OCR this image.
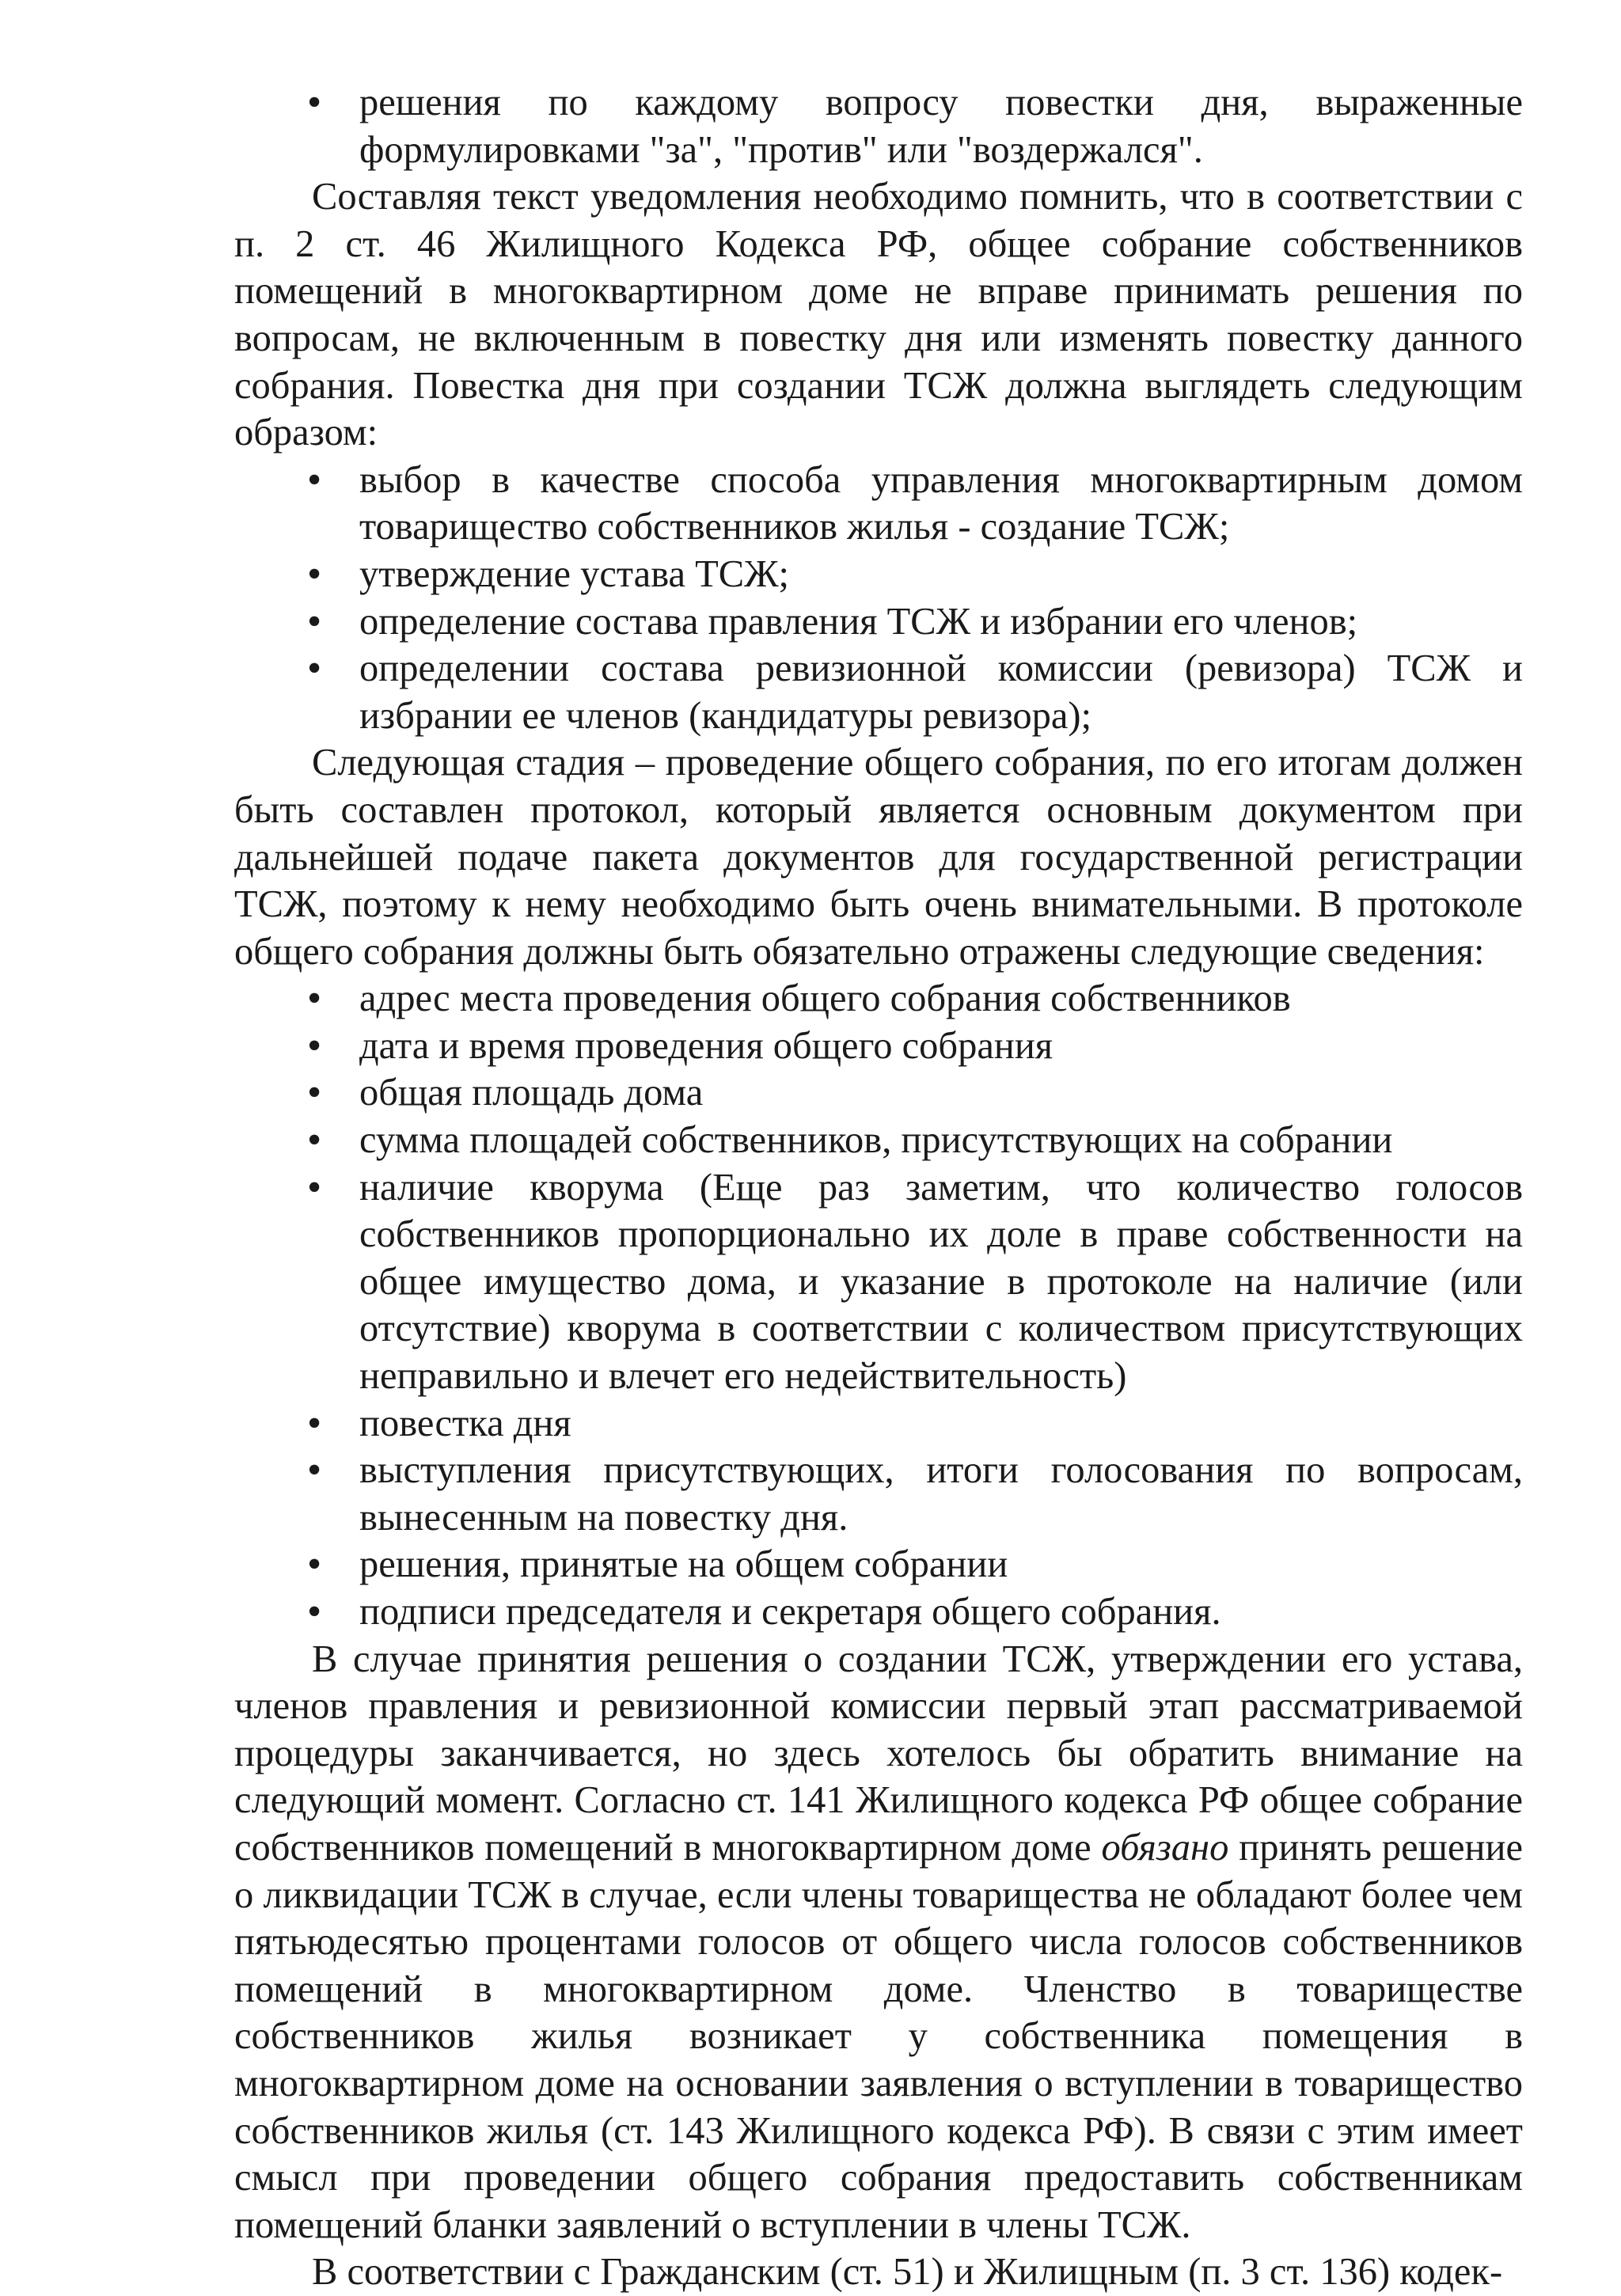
• решения по каждому вопросу повестки дня, выраженные формулировками "за", "против" или "воздержался".

Составляя текст уведомления необходимо помнить, что в соответствии с п. 2 ст. 46 Жилищного Кодекса РФ, общее собрание собственников помещений в многоквартирном доме не вправе принимать решения по вопросам, не включенным в повестку дня или изменять повестку данного собрания. Повестка дня при создании ТСЖ должна выглядеть следующим образом:

• выбор в качестве способа управления многоквартирным домом товарищество собственников жилья - создание ТСЖ;
• утверждение устава ТСЖ;
• определение состава правления ТСЖ и избрании его членов;
• определении состава ревизионной комиссии (ревизора) ТСЖ и избрании ее членов (кандидатуры ревизора);

Следующая стадия – проведение общего собрания, по его итогам должен быть составлен протокол, который является основным документом при дальнейшей подаче пакета документов для государственной регистрации ТСЖ, поэтому к нему необходимо быть очень внимательными. В протоколе общего собрания должны быть обязательно отражены следующие сведения:

• адрес места проведения общего собрания собственников
• дата и время проведения общего собрания
• общая площадь дома
• сумма площадей собственников, присутствующих на собрании
• наличие кворума (Еще раз заметим, что количество голосов собственников пропорционально их доле в праве собственности на общее имущество дома, и указание в протоколе на наличие (или отсутствие) кворума в соответствии с количеством присутствующих неправильно и влечет его недействительность)
• повестка дня
• выступления присутствующих, итоги голосования по вопросам, вынесенным на повестку дня.
• решения, принятые на общем собрании
• подписи председателя и секретаря общего собрания.

В случае принятия решения о создании ТСЖ, утверждении его устава, членов правления и ревизионной комиссии первый этап рассматриваемой процедуры заканчивается, но здесь хотелось бы обратить внимание на следующий момент. Согласно ст. 141 Жилищного кодекса РФ общее собрание собственников помещений в многоквартирном доме обязано принять решение о ликвидации ТСЖ в случае, если члены товарищества не обладают более чем пятьюдесятью процентами голосов от общего числа голосов собственников помещений в многоквартирном доме. Членство в товариществе собственников жилья возникает у собственника помещения в многоквартирном доме на основании заявления о вступлении в товарищество собственников жилья (ст. 143 Жилищного кодекса РФ). В связи с этим имеет смысл при проведении общего собрания предоставить собственникам помещений бланки заявлений о вступлении в члены ТСЖ.

В соответствии с Гражданским (ст. 51) и Жилищным (п. 3 ст. 136) кодек-
